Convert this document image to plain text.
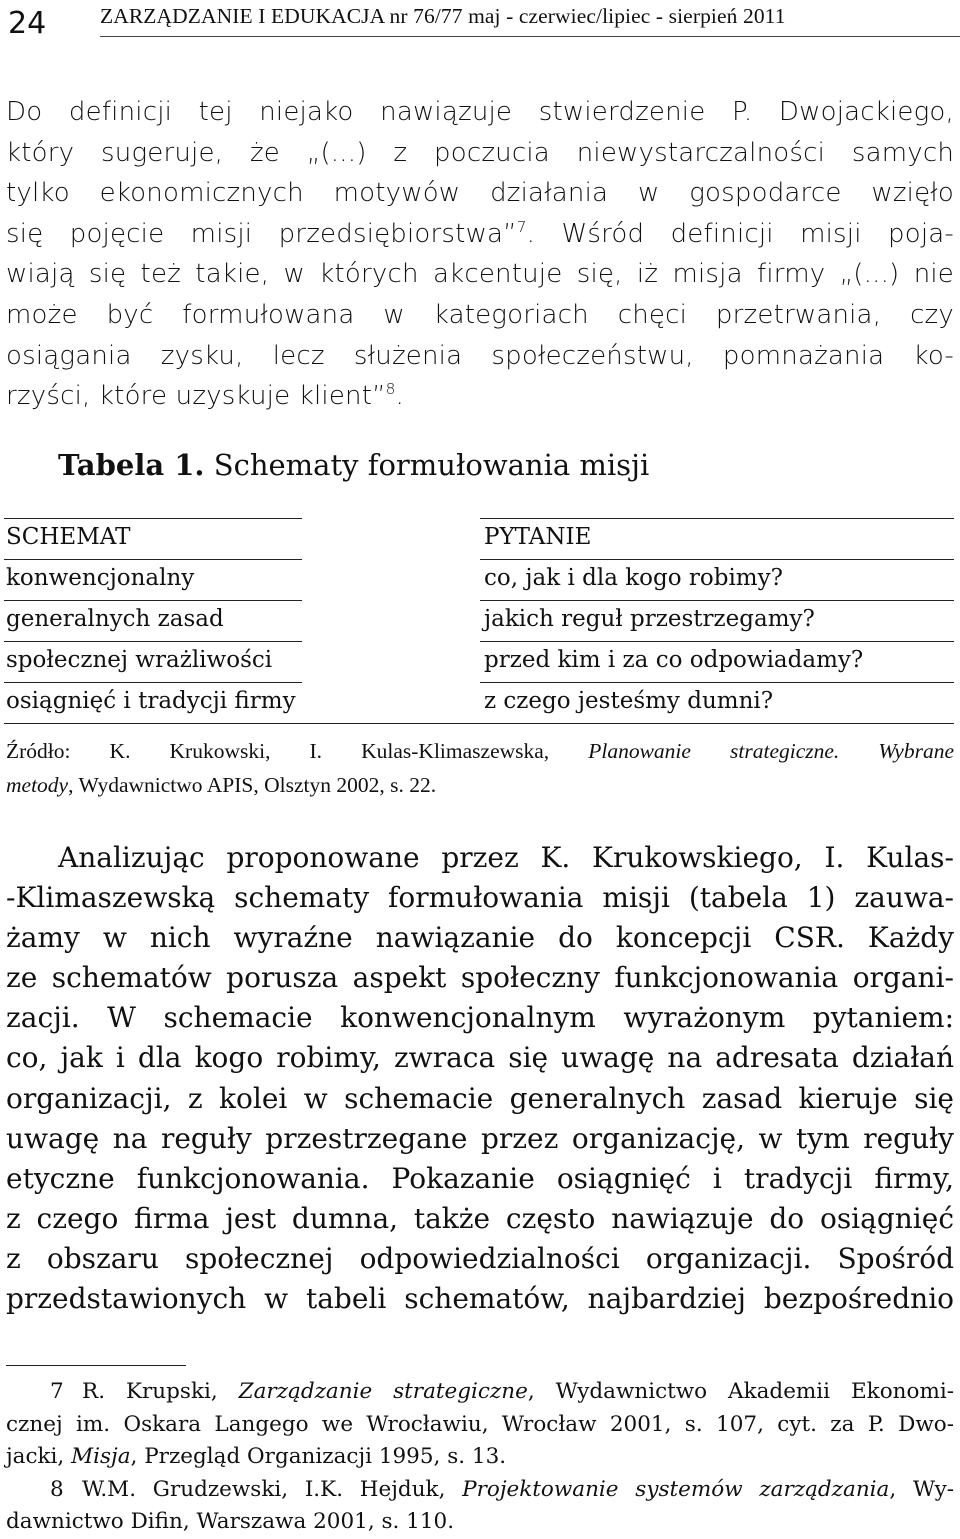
24	ZARZĄDZANIE I EDUKACJA nr 76/77 maj - czerwiec/lipiec - sierpień 2011
Do definicji tej niejako nawiązuje stwierdzenie P. Dwojackiego,
który sugeruje, że „(...) z poczucia niewystarczalności samych
tylko ekonomicznych motywów działania w gospodarce wzięło
się pojęcie misji przedsiębiorstwa”$^7$. Wśród definicji misji poja-
wiają się też takie, w których akcentuje się, iż misja firmy „(...) nie
może być formułowana w kategoriach chęci przetrwania, czy
osiągania zysku, lecz służenia społeczeństwu, pomnażania ko-
rzyści, które uzyskuje klient”$^8$.
Tabela 1. Schematy formułowania misji
SCHEMAT	PYTANIE
konwencjonalny	co, jak i dla kogo robimy?
generalnych zasad	jakich reguł przestrzegamy?
społecznej wrażliwości	przed kim i za co odpowiadamy?
osiągnięć i tradycji firmy	z czego jesteśmy dumni?
Źródło: K. Krukowski, I. Kulas-Klimaszewska, Planowanie strategiczne. Wybrane
metody, Wydawnictwo APIS, Olsztyn 2002, s. 22.
Analizując proponowane przez K. Krukowskiego, I. Kulas-
-Klimaszewską schematy formułowania misji (tabela 1) zauwa-
żamy w nich wyraźne nawiązanie do koncepcji CSR. Każdy
ze schematów porusza aspekt społeczny funkcjonowania organi-
zacji. W schemacie konwencjonalnym wyrażonym pytaniem:
co, jak i dla kogo robimy, zwraca się uwagę na adresata działań
organizacji, z kolei w schemacie generalnych zasad kieruje się
uwagę na reguły przestrzegane przez organizację, w tym reguły
etyczne funkcjonowania. Pokazanie osiągnięć i tradycji firmy,
z czego firma jest dumna, także często nawiązuje do osiągnięć
z obszaru społecznej odpowiedzialności organizacji. Spośród
przedstawionych w tabeli schematów, najbardziej bezpośrednio
7 R. Krupski, Zarządzanie strategiczne, Wydawnictwo Akademii Ekonomi-
cznej im. Oskara Langego we Wrocławiu, Wrocław 2001, s. 107, cyt. za P. Dwo-
jacki, Misja, Przegląd Organizacji 1995, s. 13.
8 W.M. Grudzewski, I.K. Hejduk, Projektowanie systemów zarządzania, Wy-
dawnictwo Difin, Warszawa 2001, s. 110.
